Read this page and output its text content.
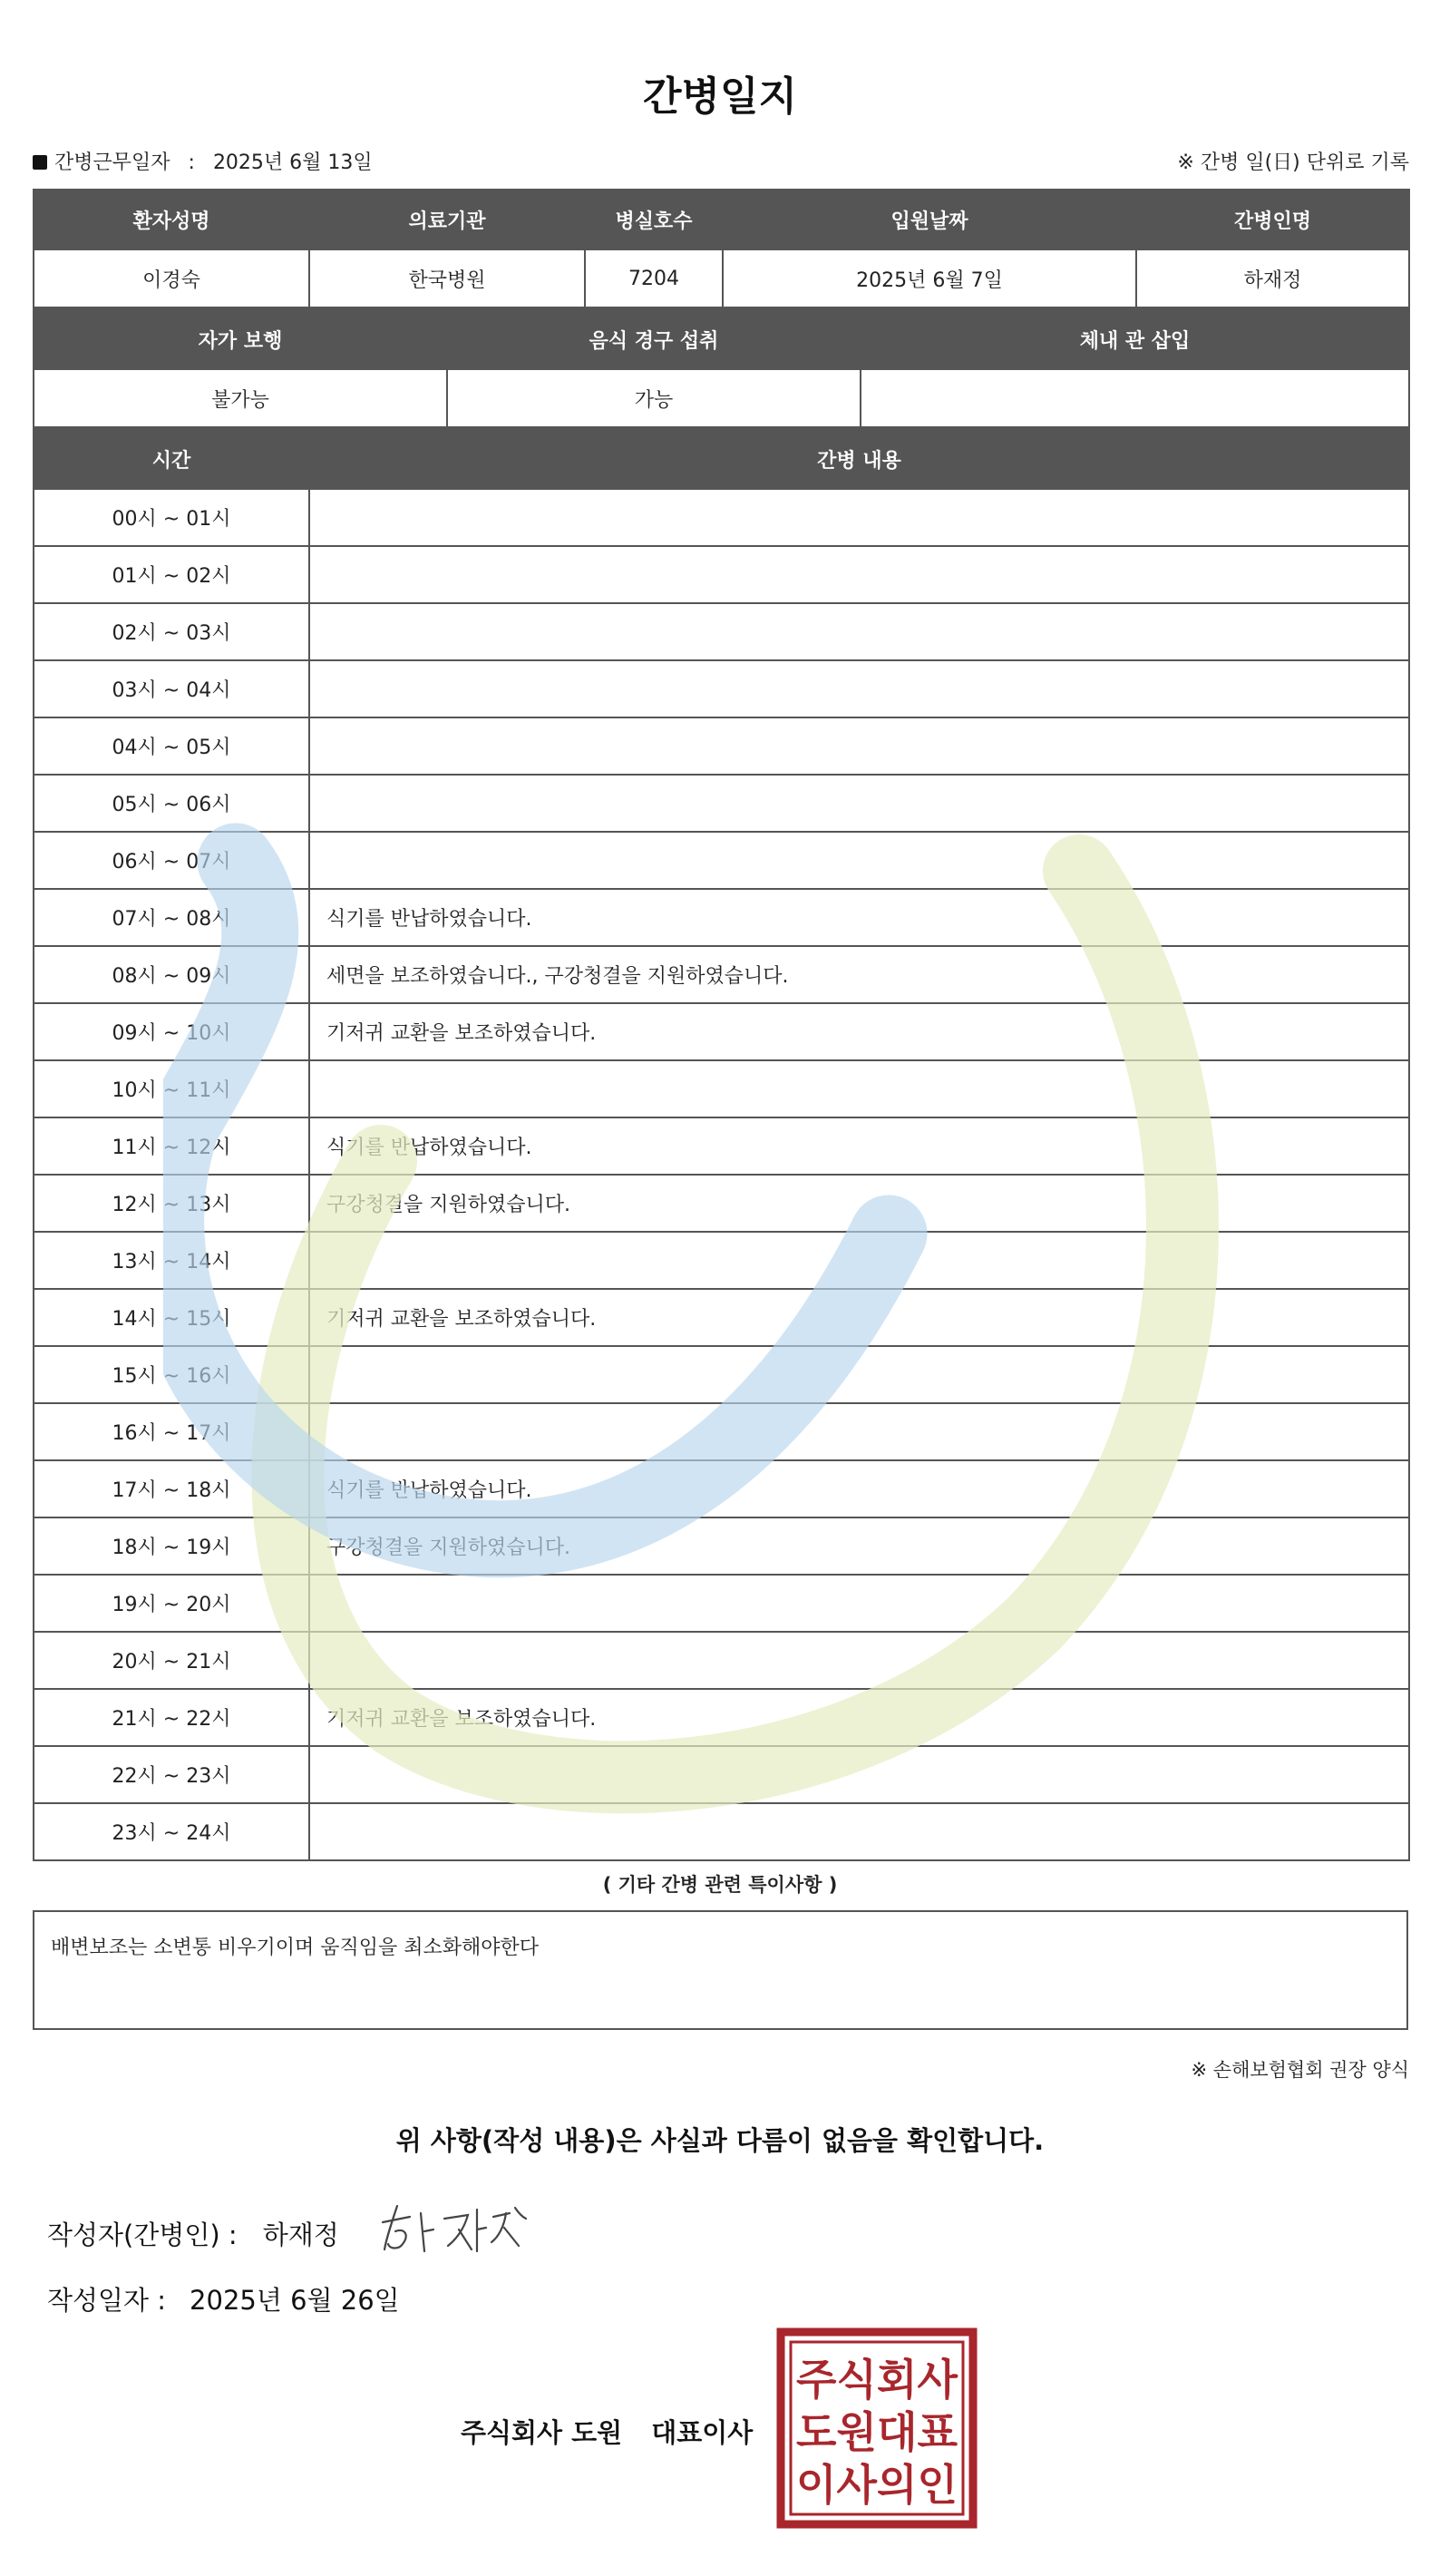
간병일지
간병근무일자 : 2025년 6월 13일	※ 간병 일(日) 단위로 기록
환자성명	의료기관	병실호수	입원날짜	간병인명
이경숙	한국병원	7204	2025년 6월 7일	하재정
자가 보행	음식 경구 섭취	체내 관 삽입
불가능	가능	
시간	간병 내용
00시 ~ 01시	
01시 ~ 02시	
02시 ~ 03시	
03시 ~ 04시	
04시 ~ 05시	
05시 ~ 06시	
06시 ~ 07시	
07시 ~ 08시	식기를 반납하였습니다.
08시 ~ 09시	세면을 보조하였습니다., 구강청결을 지원하였습니다.
09시 ~ 10시	기저귀 교환을 보조하였습니다.
10시 ~ 11시	
11시 ~ 12시	식기를 반납하였습니다.
12시 ~ 13시	구강청결을 지원하였습니다.
13시 ~ 14시	
14시 ~ 15시	기저귀 교환을 보조하였습니다.
15시 ~ 16시	
16시 ~ 17시	
17시 ~ 18시	식기를 반납하였습니다.
18시 ~ 19시	구강청결을 지원하였습니다.
19시 ~ 20시	
20시 ~ 21시	
21시 ~ 22시	기저귀 교환을 보조하였습니다.
22시 ~ 23시	
23시 ~ 24시	
( 기타 간병 관련 특이사항 )
배변보조는 소변통 비우기이며 움직임을 최소화해야한다
※ 손해보험협회 권장 양식
위 사항(작성 내용)은 사실과 다름이 없음을 확인합니다.
작성자(간병인) : 하재정
작성일자 : 2025년 6월 26일
주식회사 도원 대표이사
주식회사
도원대표
이사의인
